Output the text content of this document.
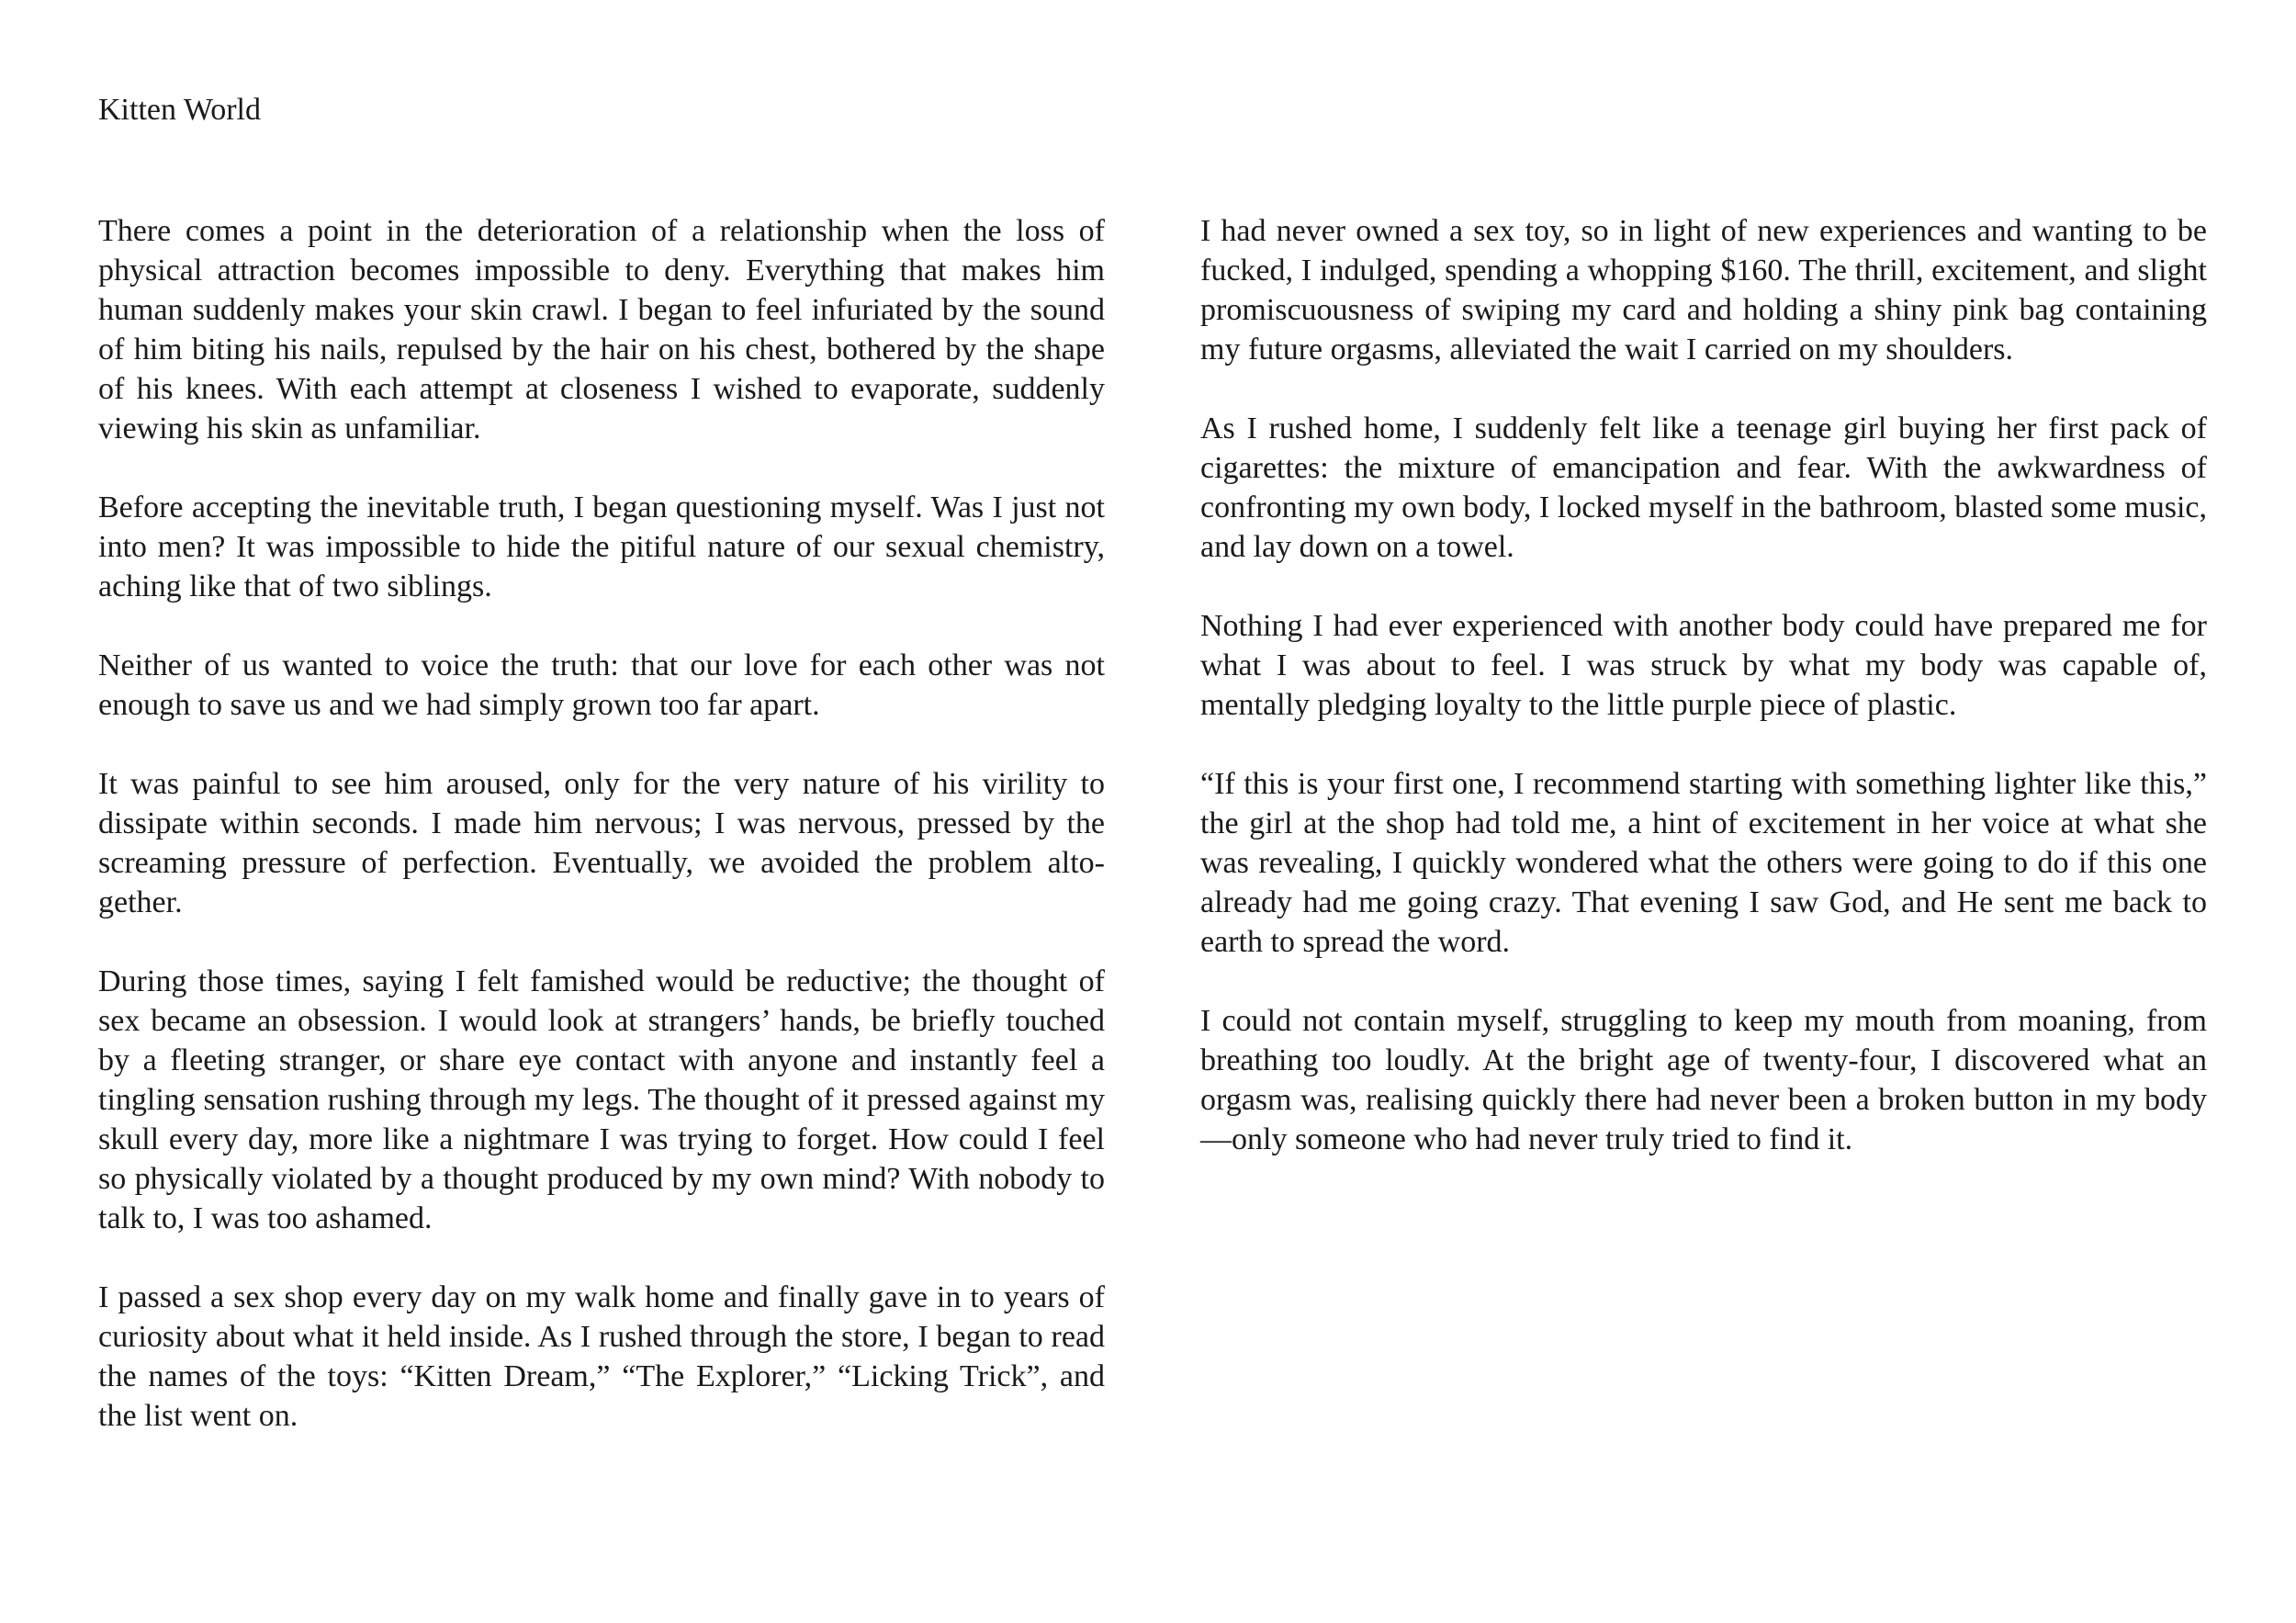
Kitten World

There comes a point in the deterioration of a relationship when the loss of physical attraction becomes impossible to deny. Everything that makes him human suddenly makes your skin crawl. I began to feel infuriated by the sound of him biting his nails, repulsed by the hair on his chest, bothered by the shape of his knees. With each attempt at closeness I wished to evaporate, suddenly viewing his skin as unfamiliar.

Before accepting the inevitable truth, I began questioning myself. Was I just not into men? It was impossible to hide the pitiful nature of our sexual chemistry, aching like that of two siblings.

Neither of us wanted to voice the truth: that our love for each other was not enough to save us and we had simply grown too far apart.

It was painful to see him aroused, only for the very nature of his virility to dissipate within seconds. I made him nervous; I was nervous, pressed by the screaming pressure of perfection. Eventually, we avoided the problem altogether.

During those times, saying I felt famished would be reductive; the thought of sex became an obsession. I would look at strangers’ hands, be briefly touched by a fleeting stranger, or share eye contact with anyone and instantly feel a tingling sensation rushing through my legs. The thought of it pressed against my skull every day, more like a nightmare I was trying to forget. How could I feel so physically violated by a thought produced by my own mind? With nobody to talk to, I was too ashamed.

I passed a sex shop every day on my walk home and finally gave in to years of curiosity about what it held inside. As I rushed through the store, I began to read the names of the toys: “Kitten Dream,” “The Explorer,” “Licking Trick”, and the list went on.

I had never owned a sex toy, so in light of new experiences and wanting to be fucked, I indulged, spending a whopping $160. The thrill, excitement, and slight promiscuousness of swiping my card and holding a shiny pink bag containing my future orgasms, alleviated the wait I carried on my shoulders.

As I rushed home, I suddenly felt like a teenage girl buying her first pack of cigarettes: the mixture of emancipation and fear. With the awkwardness of confronting my own body, I locked myself in the bathroom, blasted some music, and lay down on a towel.

Nothing I had ever experienced with another body could have prepared me for what I was about to feel. I was struck by what my body was capable of, mentally pledging loyalty to the little purple piece of plastic.

“If this is your first one, I recommend starting with something lighter like this,” the girl at the shop had told me, a hint of excitement in her voice at what she was revealing, I quickly wondered what the others were going to do if this one already had me going crazy. That evening I saw God, and He sent me back to earth to spread the word.

I could not contain myself, struggling to keep my mouth from moaning, from breathing too loudly. At the bright age of twenty-four, I discovered what an orgasm was, realising quickly there had never been a broken button in my body—only someone who had never truly tried to find it.
